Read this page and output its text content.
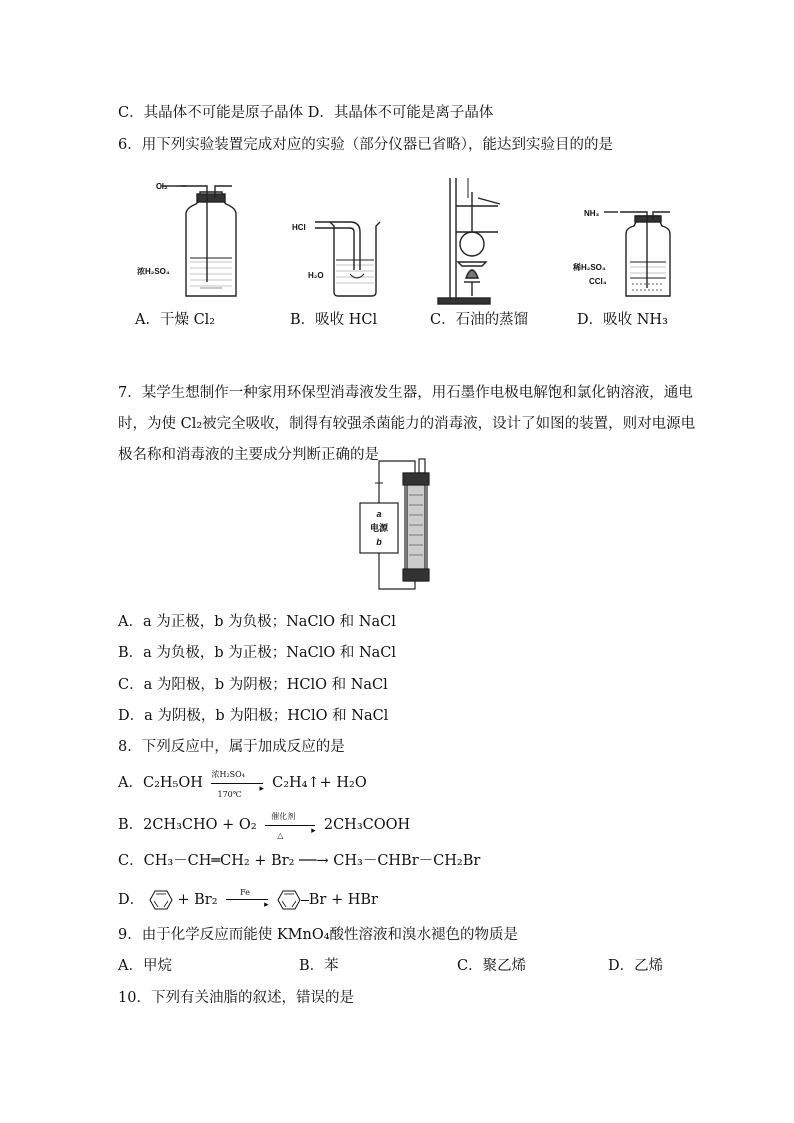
C．其晶体不可能是原子晶体 D．其晶体不可能是离子晶体
6．用下列实验装置完成对应的实验（部分仪器已省略），能达到实验目的的是
Cl₂
浓H₂SO₄
HCl
H₂O
NH₃
稀H₂SO₄
CCl₄
A．干燥 Cl₂	B．吸收 HCl	C．石油的蒸馏	D．吸收 NH₃
7．某学生想制作一种家用环保型消毒液发生器，用石墨作电极电解饱和氯化钠溶液，通电
时，为使 Cl₂被完全吸收，制得有较强杀菌能力的消毒液，设计了如图的装置，则对电源电
极名称和消毒液的主要成分判断正确的是
a
电源
b
A．a 为正极，b 为负极；NaClO 和 NaCl
B．a 为负极，b 为正极；NaClO 和 NaCl
C．a 为阳极，b 为阴极；HClO 和 NaCl
D．a 为阴极，b 为阳极；HClO 和 NaCl
8．下列反应中，属于加成反应的是
A．C₂H₅OH
浓H₂SO₄
▸
170℃
C₂H₄↑+ H₂O
B．2CH₃CHO + O₂
催化剂
▸
△
2CH₃COOH
C．CH₃－CH═CH₂ + Br₂ ──→ CH₃－CHBr－CH₂Br
D． + Br₂	Fe
▸	Br + HBr
9．由于化学反应而能使 KMnO₄酸性溶液和溴水褪色的物质是
A．甲烷	B．苯	C．聚乙烯	D．乙烯
10．下列有关油脂的叙述，错误的是
